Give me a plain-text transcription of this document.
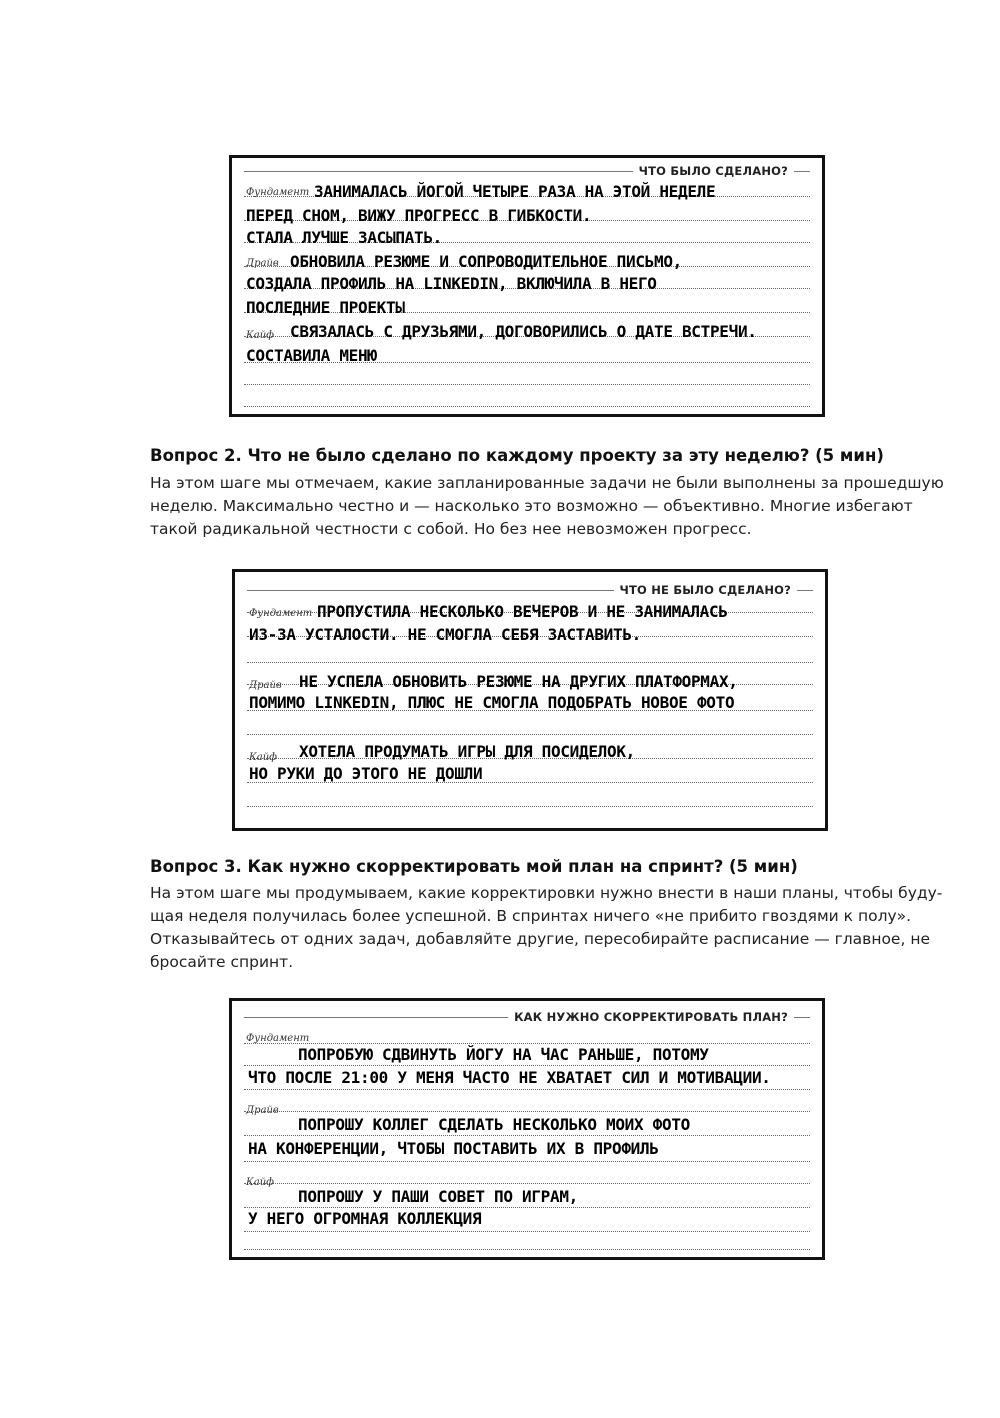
ЧТО БЫЛО СДЕЛАНО?
Фундамент ЗАНИМАЛАСЬ ЙОГОЙ ЧЕТЫРЕ РАЗА НА ЭТОЙ НЕДЕЛЕ
ПЕРЕД СНОМ, ВИЖУ ПРОГРЕСС В ГИБКОСТИ.
СТАЛА ЛУЧШЕ ЗАСЫПАТЬ.
Драйв ОБНОВИЛА РЕЗЮМЕ И СОПРОВОДИТЕЛЬНОЕ ПИСЬМО,
СОЗДАЛА ПРОФИЛЬ НА LINKEDIN, ВКЛЮЧИЛА В НЕГО
ПОСЛЕДНИЕ ПРОЕКТЫ
Кайф СВЯЗАЛАСЬ С ДРУЗЬЯМИ, ДОГОВОРИЛИСЬ О ДАТЕ ВСТРЕЧИ.
СОСТАВИЛА МЕНЮ
Вопрос 2. Что не было сделано по каждому проекту за эту неделю? (5 мин)
На этом шаге мы отмечаем, какие запланированные задачи не были выполнены за прошедшую
неделю. Максимально честно и — насколько это возможно — объективно. Многие избегают
такой радикальной честности с собой. Но без нее невозможен прогресс.
ЧТО НЕ БЫЛО СДЕЛАНО?
Фундамент ПРОПУСТИЛА НЕСКОЛЬКО ВЕЧЕРОВ И НЕ ЗАНИМАЛАСЬ
ИЗ-ЗА УСТАЛОСТИ. НЕ СМОГЛА СЕБЯ ЗАСТАВИТЬ.
Драйв НЕ УСПЕЛА ОБНОВИТЬ РЕЗЮМЕ НА ДРУГИХ ПЛАТФОРМАХ,
ПОМИМО LINKEDIN, ПЛЮС НЕ СМОГЛА ПОДОБРАТЬ НОВОЕ ФОТО
Кайф ХОТЕЛА ПРОДУМАТЬ ИГРЫ ДЛЯ ПОСИДЕЛОК,
НО РУКИ ДО ЭТОГО НЕ ДОШЛИ
Вопрос 3. Как нужно скорректировать мой план на спринт? (5 мин)
На этом шаге мы продумываем, какие корректировки нужно внести в наши планы, чтобы буду-
щая неделя получилась более успешной. В спринтах ничего «не прибито гвоздями к полу».
Отказывайтесь от одних задач, добавляйте другие, пересобирайте расписание — главное, не
бросайте спринт.
КАК НУЖНО СКОРРЕКТИРОВАТЬ ПЛАН?
Фундамент
ПОПРОБУЮ СДВИНУТЬ ЙОГУ НА ЧАС РАНЬШЕ, ПОТОМУ
ЧТО ПОСЛЕ 21:00 У МЕНЯ ЧАСТО НЕ ХВАТАЕТ СИЛ И МОТИВАЦИИ.
Драйв
ПОПРОШУ КОЛЛЕГ СДЕЛАТЬ НЕСКОЛЬКО МОИХ ФОТО
НА КОНФЕРЕНЦИИ, ЧТОБЫ ПОСТАВИТЬ ИХ В ПРОФИЛЬ
Кайф
ПОПРОШУ У ПАШИ СОВЕТ ПО ИГРАМ,
У НЕГО ОГРОМНАЯ КОЛЛЕКЦИЯ
